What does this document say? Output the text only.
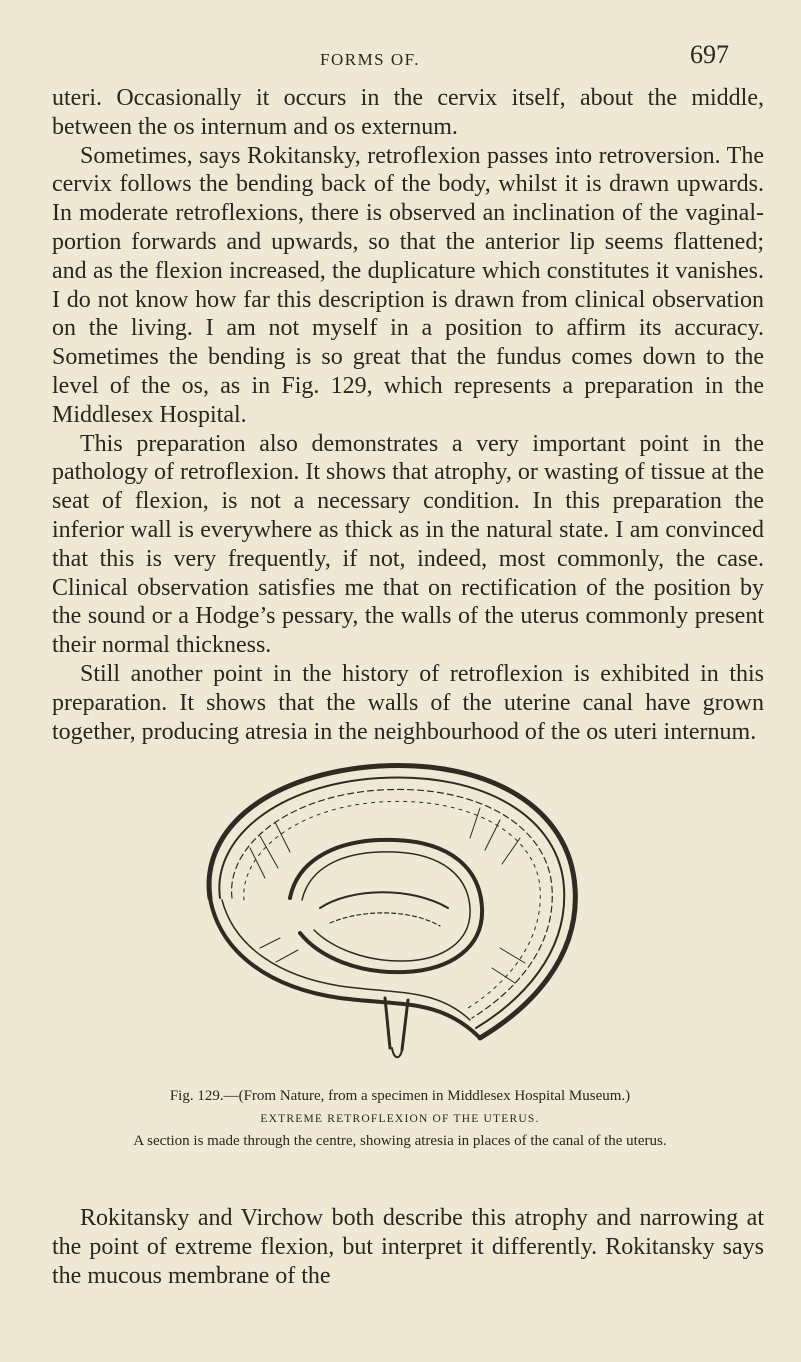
FORMS OF.	697

uteri. Occasionally it occurs in the cervix itself, about the middle, between the os internum and os externum.

Sometimes, says Rokitansky, retroflexion passes into retroversion. The cervix follows the bending back of the body, whilst it is drawn upwards. In moderate retroflexions, there is observed an inclination of the vaginal-portion forwards and upwards, so that the anterior lip seems flattened; and as the flexion increased, the duplicature which constitutes it vanishes. I do not know how far this description is drawn from clinical observation on the living. I am not myself in a position to affirm its accuracy. Sometimes the bending is so great that the fundus comes down to the level of the os, as in Fig. 129, which represents a preparation in the Middlesex Hospital.

This preparation also demonstrates a very important point in the pathology of retroflexion. It shows that atrophy, or wasting of tissue at the seat of flexion, is not a necessary condition. In this preparation the inferior wall is everywhere as thick as in the natural state. I am convinced that this is very frequently, if not, indeed, most commonly, the case. Clinical observation satisfies me that on rectification of the position by the sound or a Hodge’s pessary, the walls of the uterus commonly present their normal thickness.

Still another point in the history of retroflexion is exhibited in this preparation. It shows that the walls of the uterine canal have grown together, producing atresia in the neighbourhood of the os uteri internum.

Fig. 129.—(From Nature, from a specimen in Middlesex Hospital Museum.)
EXTREME RETROFLEXION OF THE UTERUS.
A section is made through the centre, showing atresia in places of the canal of the uterus.

Rokitansky and Virchow both describe this atrophy and narrowing at the point of extreme flexion, but interpret it differently. Rokitansky says the mucous membrane of the
